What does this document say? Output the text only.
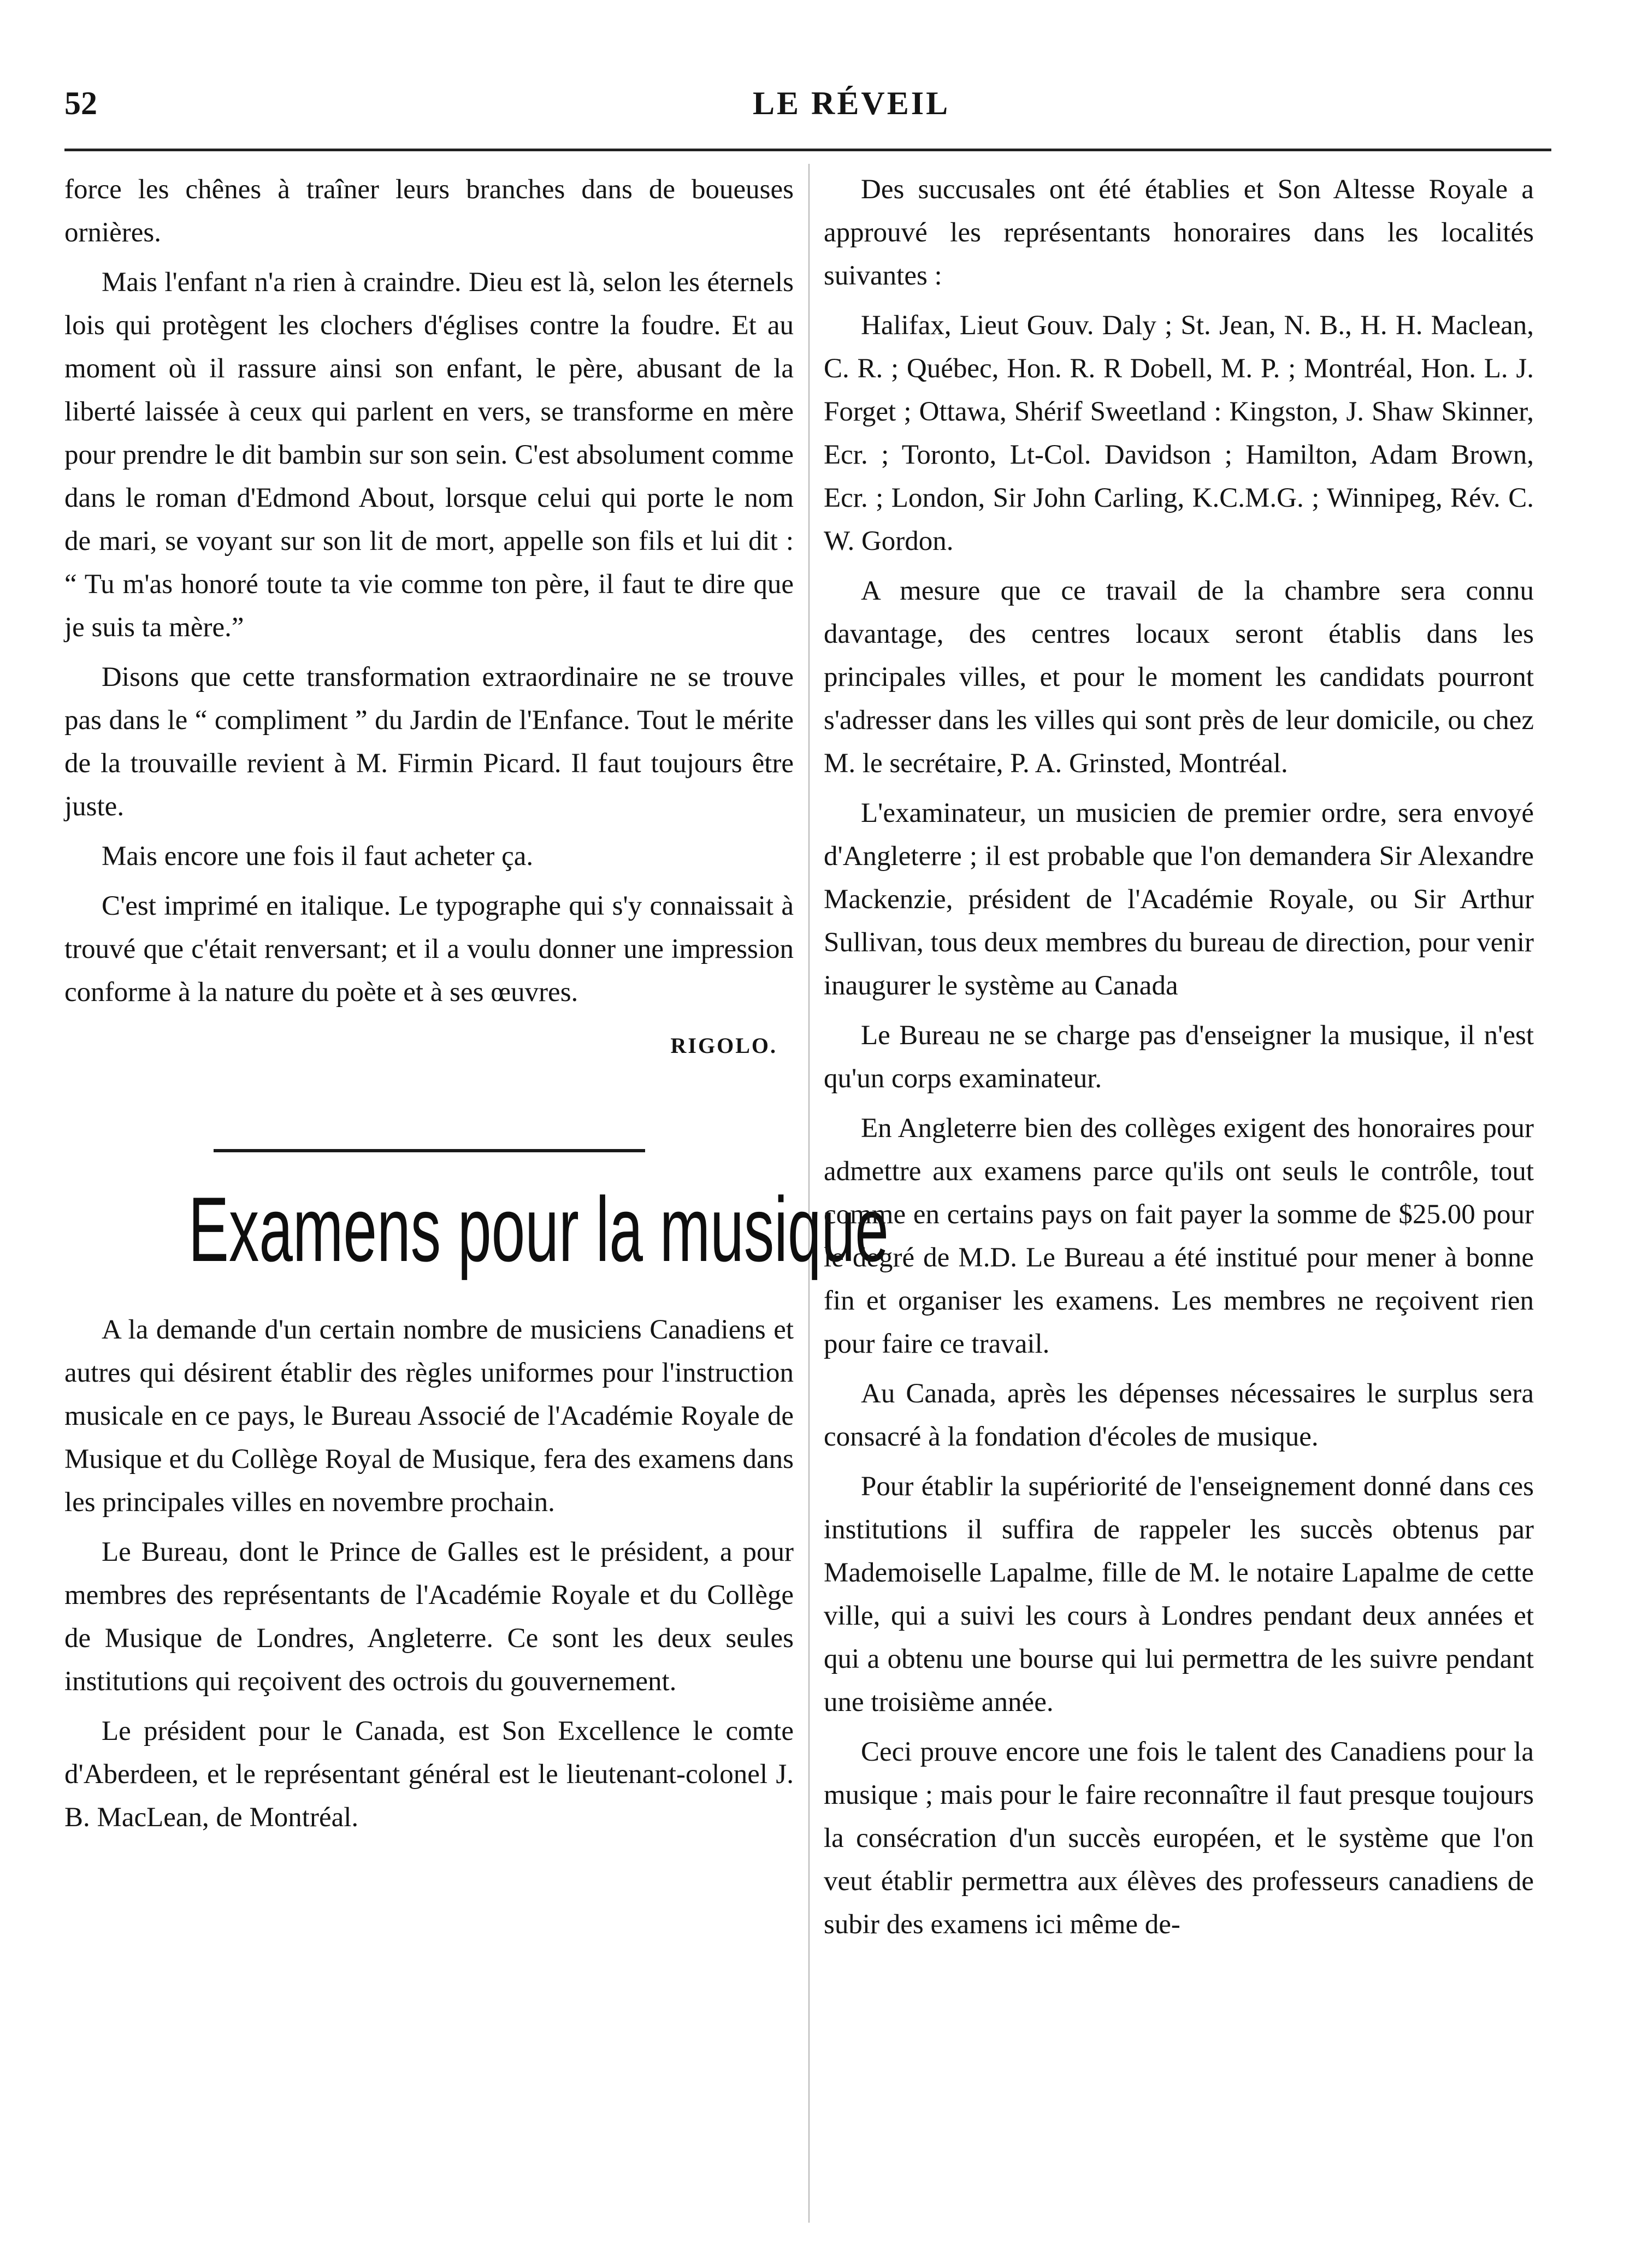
52	LE RÉVEIL

force les chênes à traîner leurs branches dans de boueuses ornières.

Mais l'enfant n'a rien à craindre. Dieu est là, selon les éternels lois qui protègent les clochers d'églises contre la foudre. Et au moment où il rassure ainsi son enfant, le père, abusant de la liberté laissée à ceux qui parlent en vers, se transforme en mère pour prendre le dit bambin sur son sein. C'est absolument comme dans le roman d'Edmond About, lorsque celui qui porte le nom de mari, se voyant sur son lit de mort, appelle son fils et lui dit : “ Tu m'as honoré toute ta vie comme ton père, il faut te dire que je suis ta mère.”

Disons que cette transformation extraordinaire ne se trouve pas dans le “ compliment ” du Jardin de l'Enfance. Tout le mérite de la trouvaille revient à M. Firmin Picard. Il faut toujours être juste.

Mais encore une fois il faut acheter ça.

C'est imprimé en italique. Le typographe qui s'y connaissait à trouvé que c'était renversant; et il a voulu donner une impression conforme à la nature du poète et à ses œuvres.

RIGOLO.

Examens pour la musique

A la demande d'un certain nombre de musiciens Canadiens et autres qui désirent établir des règles uniformes pour l'instruction musicale en ce pays, le Bureau Associé de l'Académie Royale de Musique et du Collège Royal de Musique, fera des examens dans les principales villes en novembre prochain.

Le Bureau, dont le Prince de Galles est le président, a pour membres des représentants de l'Académie Royale et du Collège de Musique de Londres, Angleterre. Ce sont les deux seules institutions qui reçoivent des octrois du gouvernement.

Le président pour le Canada, est Son Excellence le comte d'Aberdeen, et le représentant général est le lieutenant-colonel J. B. MacLean, de Montréal.

Des succusales ont été établies et Son Altesse Royale a approuvé les représentants honoraires dans les localités suivantes :

Halifax, Lieut Gouv. Daly ; St. Jean, N. B., H. H. Maclean, C. R. ; Québec, Hon. R. R Dobell, M. P. ; Montréal, Hon. L. J. Forget ; Ottawa, Shérif Sweetland : Kingston, J. Shaw Skinner, Ecr. ; Toronto, Lt-Col. Davidson ; Hamilton, Adam Brown, Ecr. ; London, Sir John Carling, K.C.M.G. ; Winnipeg, Rév. C. W. Gordon.

A mesure que ce travail de la chambre sera connu davantage, des centres locaux seront établis dans les principales villes, et pour le moment les candidats pourront s'adresser dans les villes qui sont près de leur domicile, ou chez M. le secrétaire, P. A. Grinsted, Montréal.

L'examinateur, un musicien de premier ordre, sera envoyé d'Angleterre ; il est probable que l'on demandera Sir Alexandre Mackenzie, président de l'Académie Royale, ou Sir Arthur Sullivan, tous deux membres du bureau de direction, pour venir inaugurer le système au Canada

Le Bureau ne se charge pas d'enseigner la musique, il n'est qu'un corps examinateur.

En Angleterre bien des collèges exigent des honoraires pour admettre aux examens parce qu'ils ont seuls le contrôle, tout comme en certains pays on fait payer la somme de $25.00 pour le degré de M.D. Le Bureau a été institué pour mener à bonne fin et organiser les examens. Les membres ne reçoivent rien pour faire ce travail.

Au Canada, après les dépenses nécessaires le surplus sera consacré à la fondation d'écoles de musique.

Pour établir la supériorité de l'enseignement donné dans ces institutions il suffira de rappeler les succès obtenus par Mademoiselle Lapalme, fille de M. le notaire Lapalme de cette ville, qui a suivi les cours à Londres pendant deux années et qui a obtenu une bourse qui lui permettra de les suivre pendant une troisième année.

Ceci prouve encore une fois le talent des Canadiens pour la musique ; mais pour le faire reconnaître il faut presque toujours la consécration d'un succès européen, et le système que l'on veut établir permettra aux élèves des professeurs canadiens de subir des examens ici même de-
